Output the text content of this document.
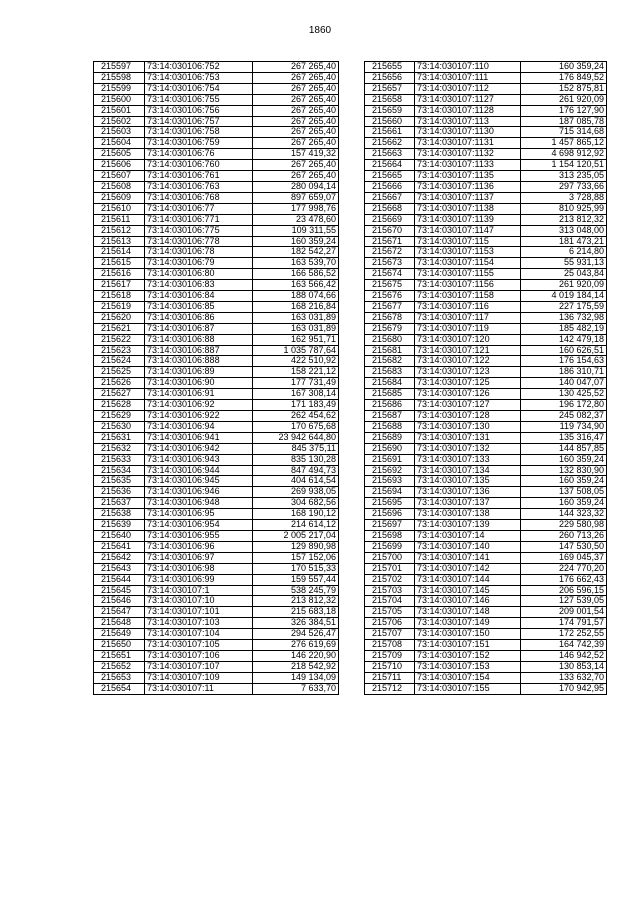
1860
215597	73:14:030106:752	267 265,40
215598	73:14:030106:753	267 265,40
215599	73:14:030106:754	267 265,40
215600	73:14:030106:755	267 265,40
215601	73:14:030106:756	267 265,40
215602	73:14:030106:757	267 265,40
215603	73:14:030106:758	267 265,40
215604	73:14:030106:759	267 265,40
215605	73:14:030106:76	157 419,32
215606	73:14:030106:760	267 265,40
215607	73:14:030106:761	267 265,40
215608	73:14:030106:763	280 094,14
215609	73:14:030106:768	897 659,07
215610	73:14:030106:77	177 998,76
215611	73:14:030106:771	23 478,60
215612	73:14:030106:775	109 311,55
215613	73:14:030106:778	160 359,24
215614	73:14:030106:78	182 542,27
215615	73:14:030106:79	163 539,70
215616	73:14:030106:80	166 586,52
215617	73:14:030106:83	163 566,42
215618	73:14:030106:84	188 074,66
215619	73:14:030106:85	168 216,84
215620	73:14:030106:86	163 031,89
215621	73:14:030106:87	163 031,89
215622	73:14:030106:88	162 951,71
215623	73:14:030106:887	1 035 787,64
215624	73:14:030106:888	422 510,92
215625	73:14:030106:89	158 221,12
215626	73:14:030106:90	177 731,49
215627	73:14:030106:91	167 308,14
215628	73:14:030106:92	171 183,49
215629	73:14:030106:922	262 454,62
215630	73:14:030106:94	170 675,68
215631	73:14:030106:941	23 942 644,80
215632	73:14:030106:942	845 375,11
215633	73:14:030106:943	835 130,28
215634	73:14:030106:944	847 494,73
215635	73:14:030106:945	404 614,54
215636	73:14:030106:946	269 938,05
215637	73:14:030106:948	304 682,56
215638	73:14:030106:95	168 190,12
215639	73:14:030106:954	214 614,12
215640	73:14:030106:955	2 005 217,04
215641	73:14:030106:96	129 890,98
215642	73:14:030106:97	157 152,06
215643	73:14:030106:98	170 515,33
215644	73:14:030106:99	159 557,44
215645	73:14:030107:1	538 245,79
215646	73:14:030107:10	213 812,32
215647	73:14:030107:101	215 683,18
215648	73:14:030107:103	326 384,51
215649	73:14:030107:104	294 526,47
215650	73:14:030107:105	276 619,69
215651	73:14:030107:106	146 220,90
215652	73:14:030107:107	218 542,92
215653	73:14:030107:109	149 134,09
215654	73:14:030107:11	7 633,70
215655	73:14:030107:110	160 359,24
215656	73:14:030107:111	176 849,52
215657	73:14:030107:112	152 875,81
215658	73:14:030107:1127	261 920,09
215659	73:14:030107:1128	176 127,90
215660	73:14:030107:113	187 085,78
215661	73:14:030107:1130	715 314,68
215662	73:14:030107:1131	1 457 865,12
215663	73:14:030107:1132	4 698 912,92
215664	73:14:030107:1133	1 154 120,51
215665	73:14:030107:1135	313 235,05
215666	73:14:030107:1136	297 733,66
215667	73:14:030107:1137	3 728,88
215668	73:14:030107:1138	810 925,99
215669	73:14:030107:1139	213 812,32
215670	73:14:030107:1147	313 048,00
215671	73:14:030107:115	181 473,21
215672	73:14:030107:1153	6 214,80
215673	73:14:030107:1154	55 931,13
215674	73:14:030107:1155	25 043,84
215675	73:14:030107:1156	261 920,09
215676	73:14:030107:1158	4 019 184,14
215677	73:14:030107:116	227 175,59
215678	73:14:030107:117	136 732,98
215679	73:14:030107:119	185 482,19
215680	73:14:030107:120	142 479,18
215681	73:14:030107:121	160 626,51
215682	73:14:030107:122	176 154,63
215683	73:14:030107:123	186 310,71
215684	73:14:030107:125	140 047,07
215685	73:14:030107:126	130 425,52
215686	73:14:030107:127	196 172,80
215687	73:14:030107:128	245 082,37
215688	73:14:030107:130	119 734,90
215689	73:14:030107:131	135 316,47
215690	73:14:030107:132	144 857,85
215691	73:14:030107:133	160 359,24
215692	73:14:030107:134	132 830,90
215693	73:14:030107:135	160 359,24
215694	73:14:030107:136	137 508,05
215695	73:14:030107:137	160 359,24
215696	73:14:030107:138	144 323,32
215697	73:14:030107:139	229 580,98
215698	73:14:030107:14	260 713,26
215699	73:14:030107:140	147 530,50
215700	73:14:030107:141	169 045,37
215701	73:14:030107:142	224 770,20
215702	73:14:030107:144	176 662,43
215703	73:14:030107:145	206 596,15
215704	73:14:030107:146	127 539,05
215705	73:14:030107:148	209 001,54
215706	73:14:030107:149	174 791,57
215707	73:14:030107:150	172 252,55
215708	73:14:030107:151	164 742,39
215709	73:14:030107:152	146 942,52
215710	73:14:030107:153	130 853,14
215711	73:14:030107:154	133 632,70
215712	73:14:030107:155	170 942,95
